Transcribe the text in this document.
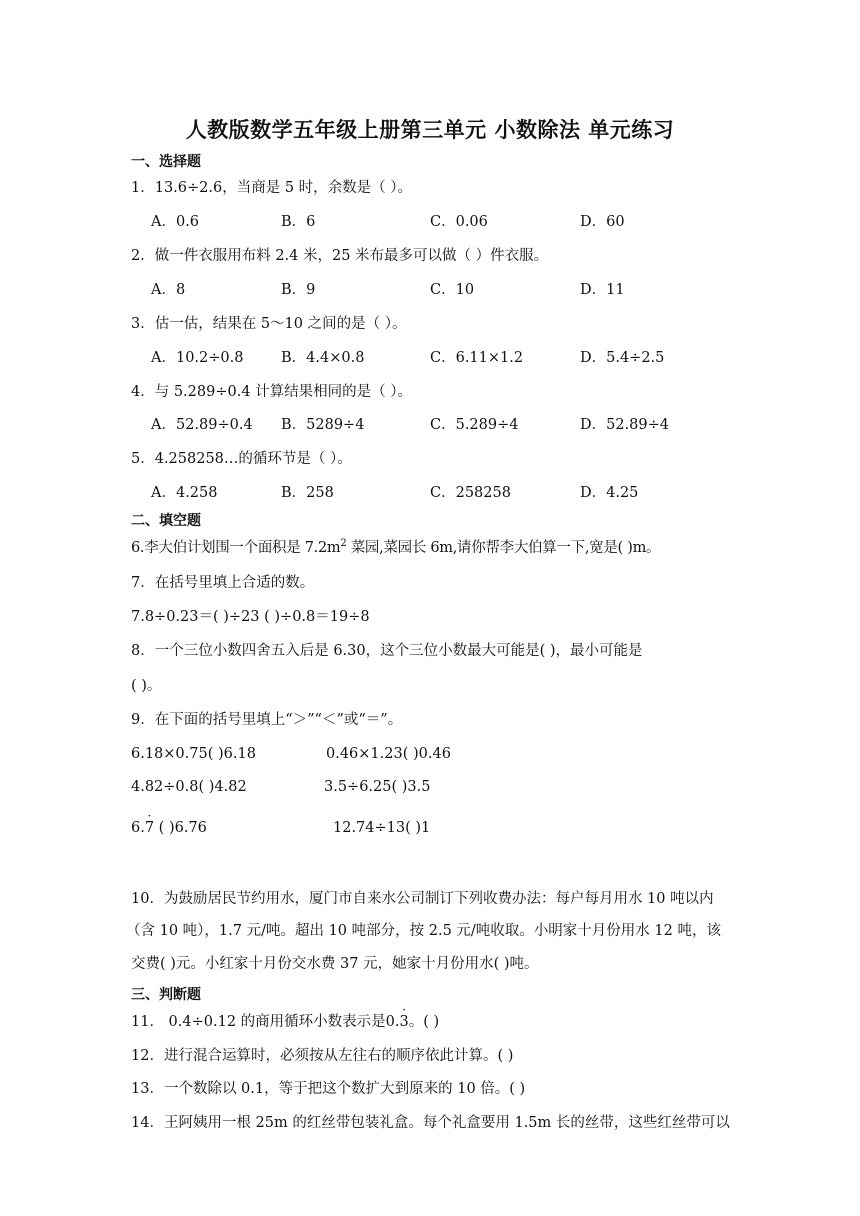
人教版数学五年级上册第三单元 小数除法 单元练习
一、选择题
1．13.6÷2.6，当商是 5 时，余数是（ ）。
A．0.6	B．6	C．0.06	D．60
2．做一件衣服用布料 2.4 米，25 米布最多可以做（ ）件衣服。
A．8	B．9	C．10	D．11
3．估一估，结果在 5～10 之间的是（ ）。
A．10.2÷0.8	B．4.4×0.8	C．6.11×1.2	D．5.4÷2.5
4．与 5.289÷0.4 计算结果相同的是（ ）。
A．52.89÷0.4 B．5289÷4	C．5.289÷4	D．52.89÷4
5．4.258258…的循环节是（ ）。
A．4.258	B．258	C．258258	D．4.25
二、填空题
6.李大伯计划围一个面积是 $7.2m^2$ 菜园,菜园长 6m,请你帮李大伯算一下,宽是( )m。
7．在括号里填上合适的数。
7.8÷0.23＝( )÷23 ( )÷0.8＝19÷8
8．一个三位小数四舍五入后是 6.30，这个三位小数最大可能是( )，最小可能是
( )。
9．在下面的括号里填上“＞”“＜”或“＝”。
6.18×0.75( )6.18	0.46×1.23( )0.46
4.82÷0.8( )4.82	3.5÷6.25( )3.5
6.
·
7 ( )6.76	12.74÷13( )1
10．为鼓励居民节约用水，厦门市自来水公司制订下列收费办法：每户每月用水 10 吨以内
（含 10 吨），1.7 元/吨。超出 10 吨部分，按 2.5 元/吨收取。小明家十月份用水 12 吨，该
三、判断题
11． 0.4÷0.12 的商用循环小数表示是0.
·
3。( )
12．进行混合运算时，必须按从左往右的顺序依此计算。( )
13．一个数除以 0.1，等于把这个数扩大到原来的 10 倍。( )
14．王阿姨用一根 25m 的红丝带包装礼盒。每个礼盒要用 1.5m 长的丝带，这些红丝带可以
交费( )元。小红家十月份交水费 37 元，她家十月份用水( )吨。
